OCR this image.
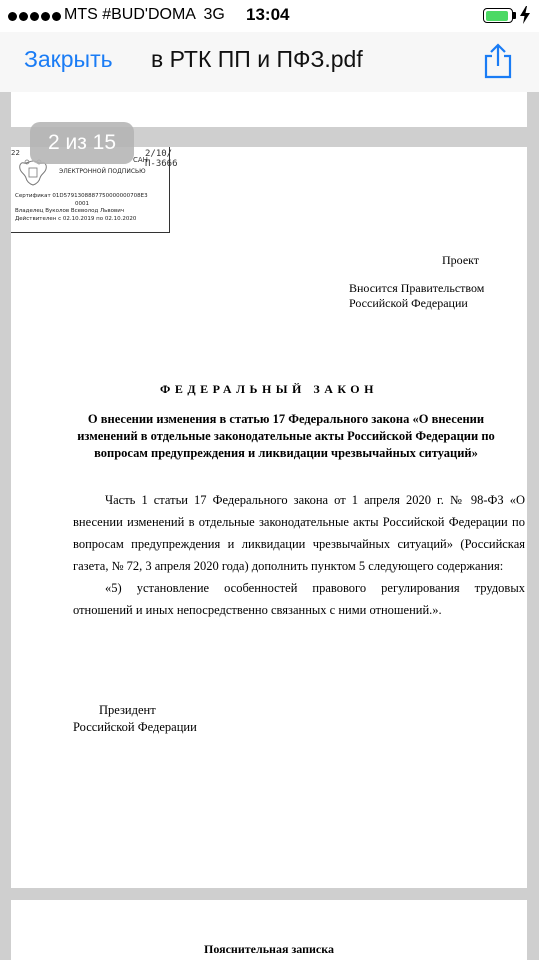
MTS #BUD'DOMA 3G 13:04
Закрыть в РТК ПП и ПФЗ.pdf
2 из 15
22	2/10/П-3666
САН
ЭЛЕКТРОННОЙ ПОДПИСЬЮ
Сертификат 01D5791308887750000000708E3
0001
Владелец Вуколов Всеволод Львович
Действителен с 02.10.2019 по 02.10.2020
Проект
Вносится Правительством
Российской Федерации
ФЕДЕРАЛЬНЫЙ ЗАКОН
О внесении изменения в статью 17 Федерального закона «О внесении изменений в отдельные законодательные акты Российской Федерации по вопросам предупреждения и ликвидации чрезвычайных ситуаций»

Часть 1 статьи 17 Федерального закона от 1 апреля 2020 г. № 98-ФЗ «О внесении изменений в отдельные законодательные акты Российской Федерации по вопросам предупреждения и ликвидации чрезвычайных ситуаций» (Российская газета, № 72, 3 апреля 2020 года) дополнить пунктом 5 следующего содержания:

«5) установление особенностей правового регулирования трудовых отношений и иных непосредственно связанных с ними отношений.».

Президент
Российской Федерации
Пояснительная записка
